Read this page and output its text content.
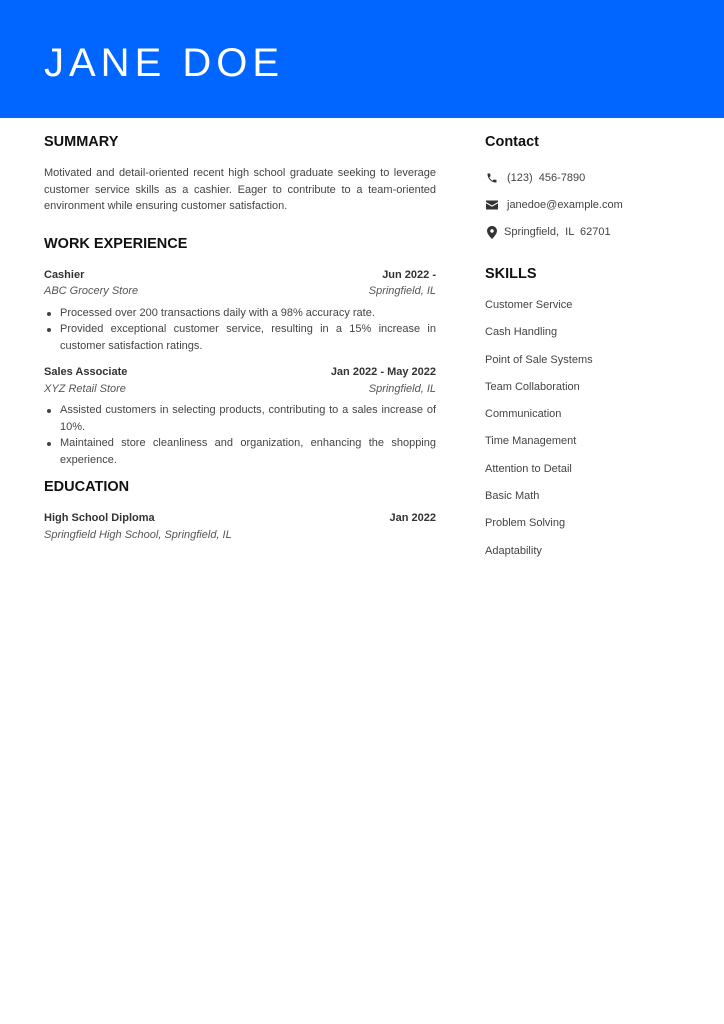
JANE DOE
SUMMARY

Motivated and detail-oriented recent high school graduate seeking to leverage customer service skills as a cashier. Eager to contribute to a team-oriented environment while ensuring customer satisfaction.

WORK EXPERIENCE
Cashier	Jun 2022 -
ABC Grocery Store	Springfield, IL
Processed over 200 transactions daily with a 98% accuracy rate.
Provided exceptional customer service, resulting in a 15% increase in customer satisfaction ratings.
Sales Associate	Jan 2022 - May 2022
XYZ Retail Store	Springfield, IL
Assisted customers in selecting products, contributing to a sales increase of 10%.
Maintained store cleanliness and organization, enhancing the shopping experience.
EDUCATION
High School Diploma	Jan 2022
Springfield High School, Springfield, IL
Contact
(123)  456-7890
janedoe@example.com
Springfield,  IL  62701
SKILLS
Customer Service
Cash Handling
Point of Sale Systems
Team Collaboration
Communication
Time Management
Attention to Detail
Basic Math
Problem Solving
Adaptability
